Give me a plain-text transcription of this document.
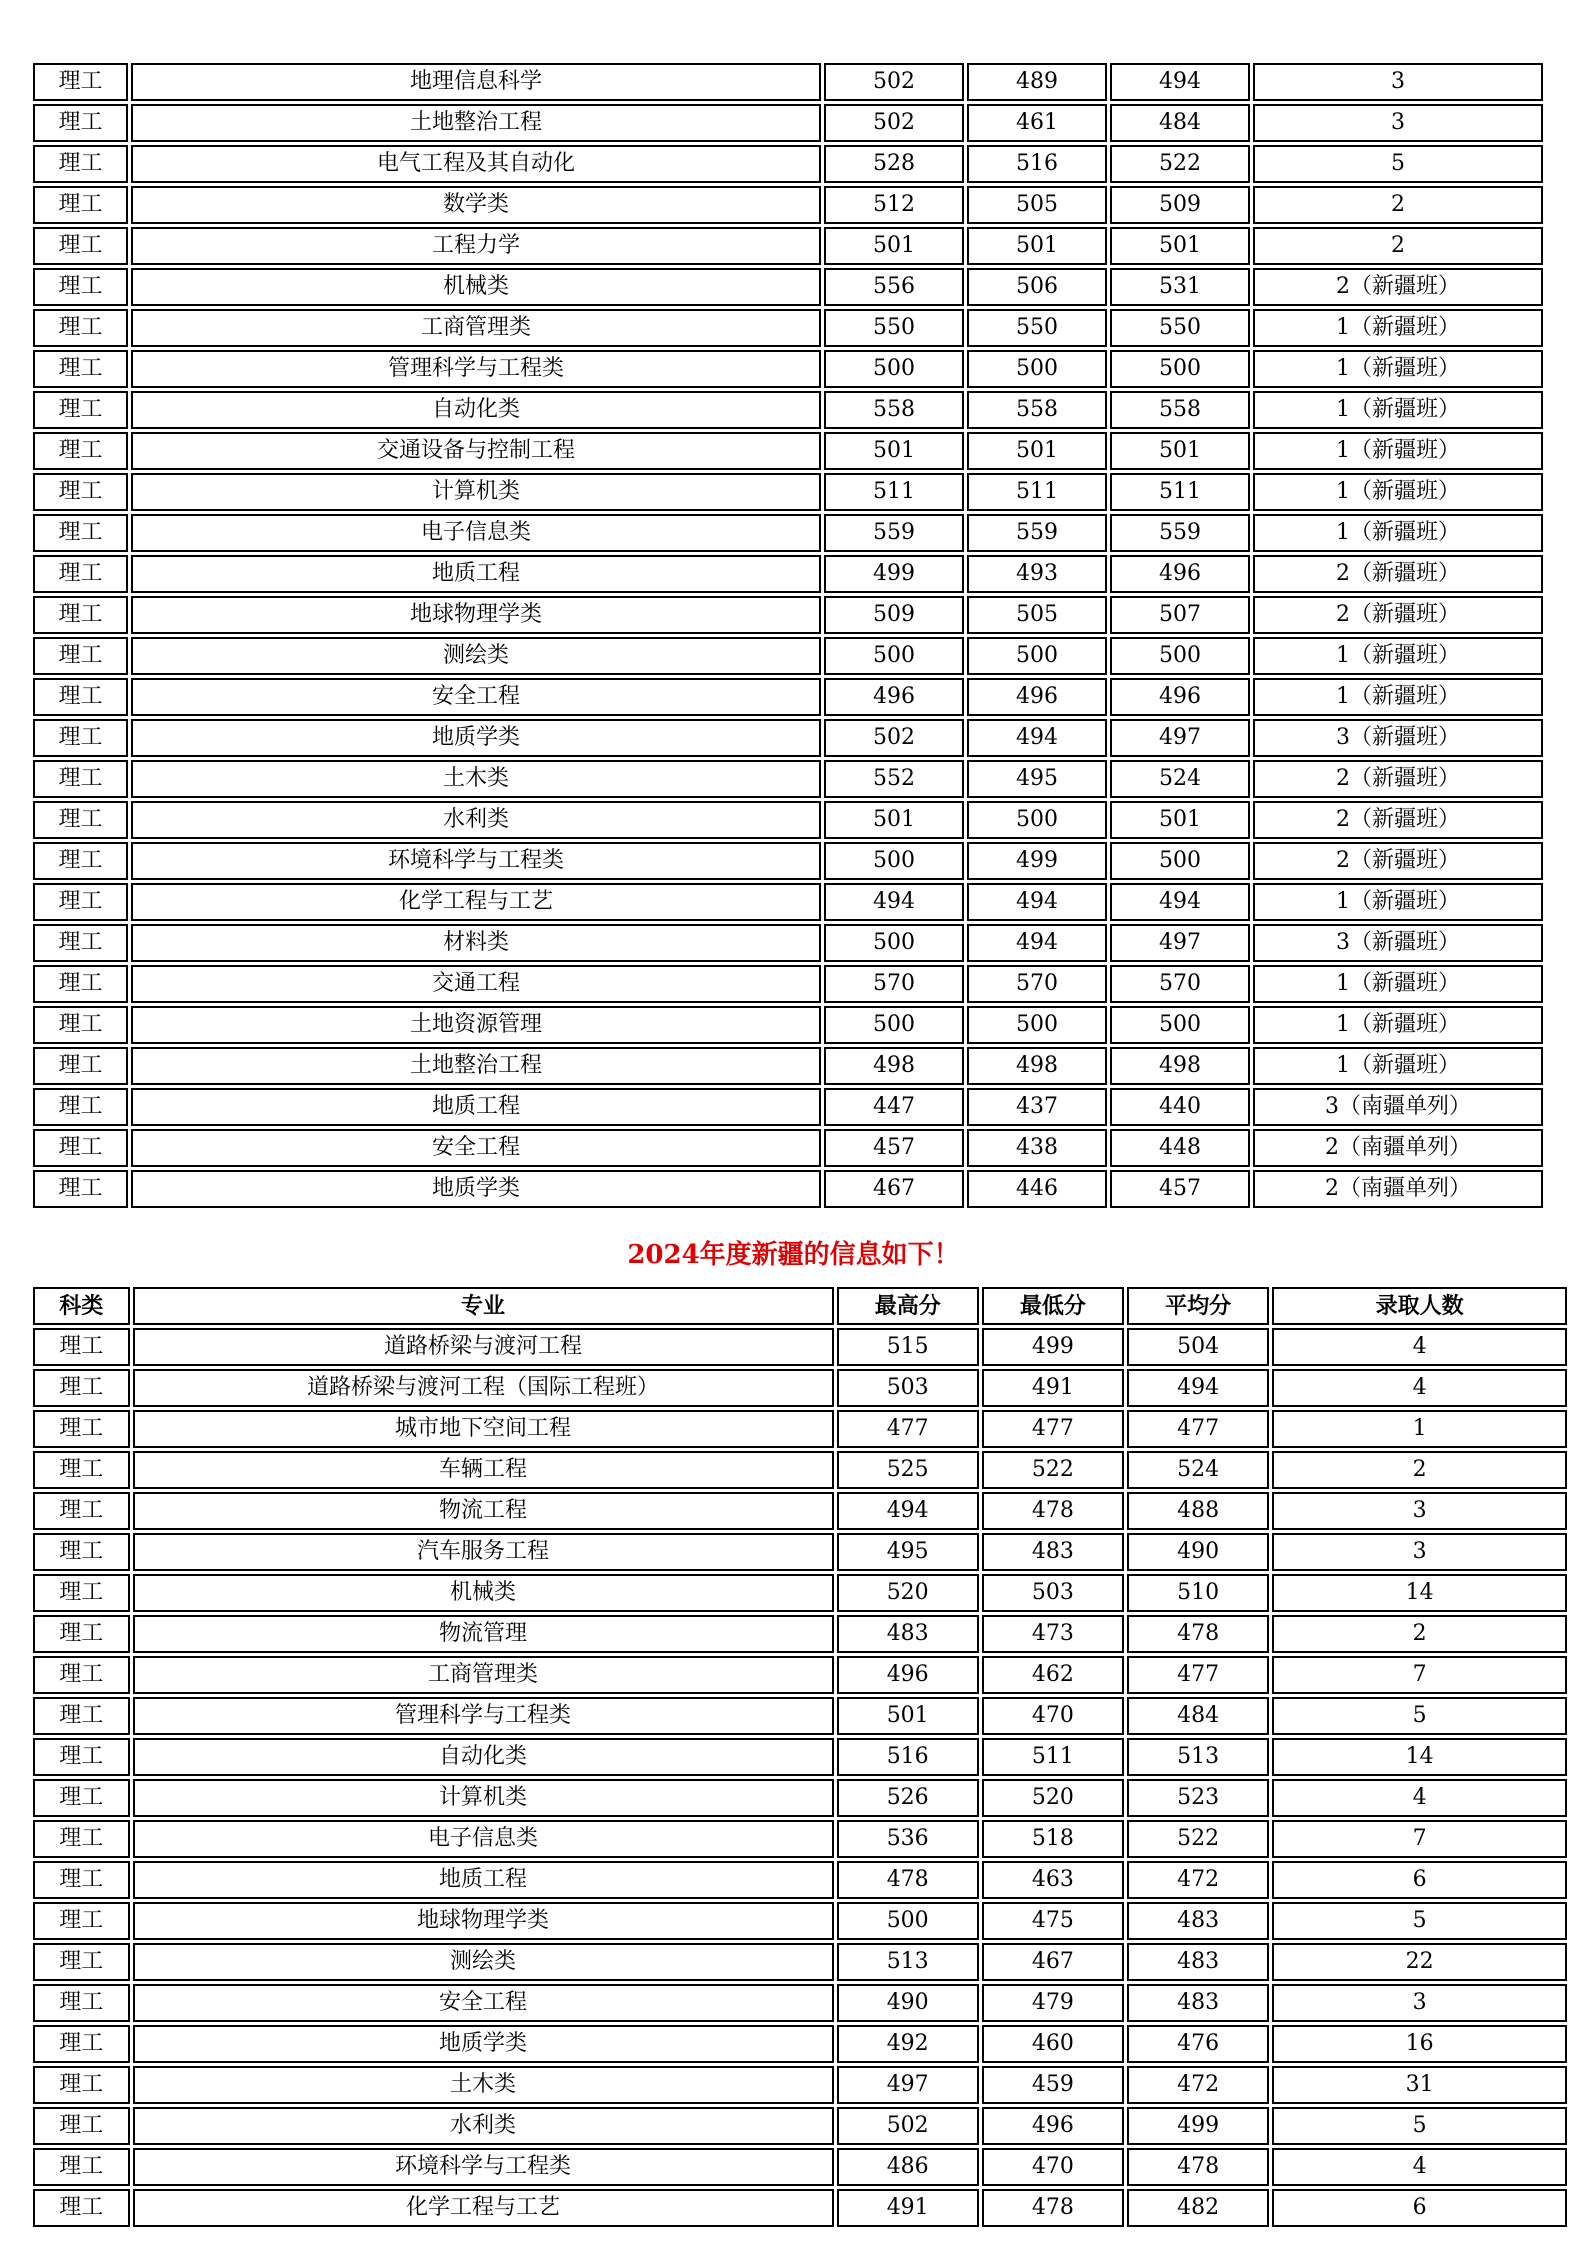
理工	地理信息科学	502	489	494	3
理工	土地整治工程	502	461	484	3
理工	电气工程及其自动化	528	516	522	5
理工	数学类	512	505	509	2
理工	工程力学	501	501	501	2
理工	机械类	556	506	531	2（新疆班）
理工	工商管理类	550	550	550	1（新疆班）
理工	管理科学与工程类	500	500	500	1（新疆班）
理工	自动化类	558	558	558	1（新疆班）
理工	交通设备与控制工程	501	501	501	1（新疆班）
理工	计算机类	511	511	511	1（新疆班）
理工	电子信息类	559	559	559	1（新疆班）
理工	地质工程	499	493	496	2（新疆班）
理工	地球物理学类	509	505	507	2（新疆班）
理工	测绘类	500	500	500	1（新疆班）
理工	安全工程	496	496	496	1（新疆班）
理工	地质学类	502	494	497	3（新疆班）
理工	土木类	552	495	524	2（新疆班）
理工	水利类	501	500	501	2（新疆班）
理工	环境科学与工程类	500	499	500	2（新疆班）
理工	化学工程与工艺	494	494	494	1（新疆班）
理工	材料类	500	494	497	3（新疆班）
理工	交通工程	570	570	570	1（新疆班）
理工	土地资源管理	500	500	500	1（新疆班）
理工	土地整治工程	498	498	498	1（新疆班）
理工	地质工程	447	437	440	3（南疆单列）
理工	安全工程	457	438	448	2（南疆单列）
理工	地质学类	467	446	457	2（南疆单列）
2024年度新疆的信息如下！
科类	专业	最高分	最低分	平均分	录取人数
理工	道路桥梁与渡河工程	515	499	504	4
理工	道路桥梁与渡河工程（国际工程班）	503	491	494	4
理工	城市地下空间工程	477	477	477	1
理工	车辆工程	525	522	524	2
理工	物流工程	494	478	488	3
理工	汽车服务工程	495	483	490	3
理工	机械类	520	503	510	14
理工	物流管理	483	473	478	2
理工	工商管理类	496	462	477	7
理工	管理科学与工程类	501	470	484	5
理工	自动化类	516	511	513	14
理工	计算机类	526	520	523	4
理工	电子信息类	536	518	522	7
理工	地质工程	478	463	472	6
理工	地球物理学类	500	475	483	5
理工	测绘类	513	467	483	22
理工	安全工程	490	479	483	3
理工	地质学类	492	460	476	16
理工	土木类	497	459	472	31
理工	水利类	502	496	499	5
理工	环境科学与工程类	486	470	478	4
理工	化学工程与工艺	491	478	482	6
